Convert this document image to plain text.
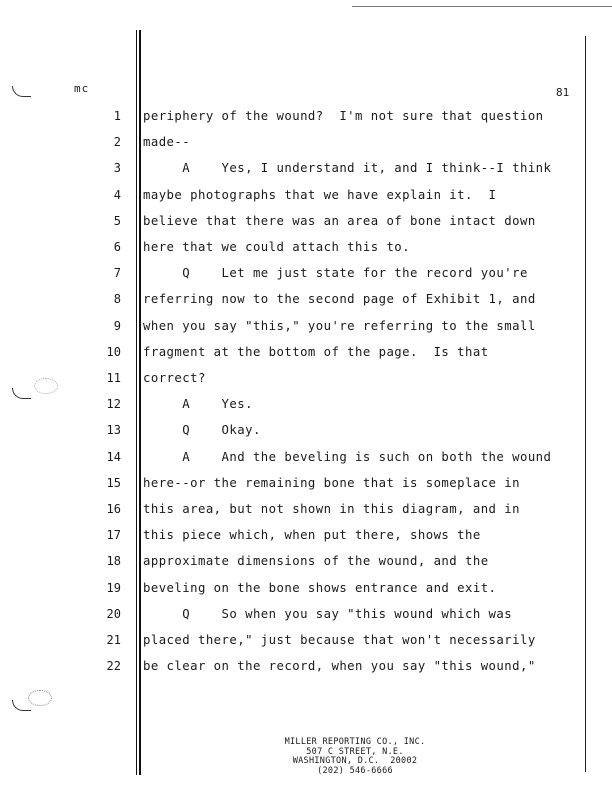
mc	81
1 periphery of the wound?  I'm not sure that question
2 made--
3 A    Yes, I understand it, and I think--I think
4 maybe photographs that we have explain it.  I
5 believe that there was an area of bone intact down
6 here that we could attach this to.
7 Q    Let me just state for the record you're
8 referring now to the second page of Exhibit 1, and
9 when you say "this," you're referring to the small
10 fragment at the bottom of the page.  Is that
11 correct?
12 A    Yes.
13 Q    Okay.
14 A    And the beveling is such on both the wound
15 here--or the remaining bone that is someplace in
16 this area, but not shown in this diagram, and in
17 this piece which, when put there, shows the
18 approximate dimensions of the wound, and the
19 beveling on the bone shows entrance and exit.
20 Q    So when you say "this wound which was
21 placed there," just because that won't necessarily
22 be clear on the record, when you say "this wound,"
MILLER REPORTING CO., INC.
507 C STREET, N.E.
WASHINGTON, D.C.  20002
(202) 546-6666
